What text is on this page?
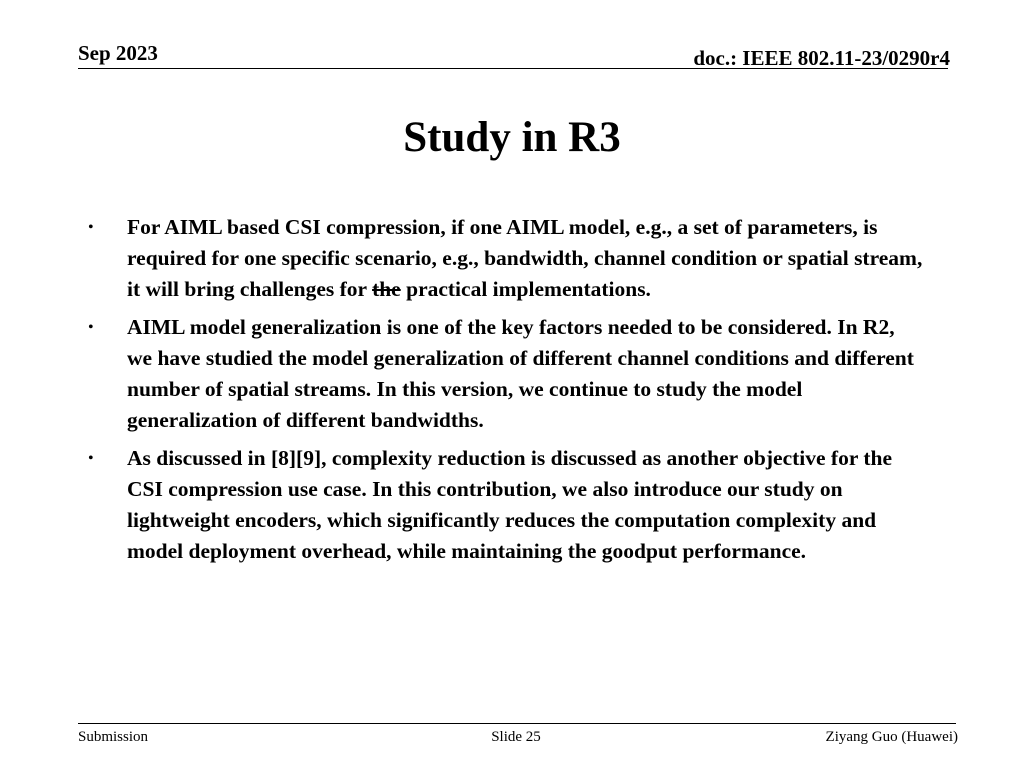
Sep 2023	doc.: IEEE 802.11-23/0290r4
Study in R3
• For AIML based CSI compression, if one AIML model, e.g., a set of parameters, is required for one specific scenario, e.g., bandwidth, channel condition or spatial stream, it will bring challenges for the practical implementations.
• AIML model generalization is one of the key factors needed to be considered. In R2, we have studied the model generalization of different channel conditions and different number of spatial streams. In this version, we continue to study the model generalization of different bandwidths.
• As discussed in [8][9], complexity reduction is discussed as another objective for the CSI compression use case. In this contribution, we also introduce our study on lightweight encoders, which significantly reduces the computation complexity and model deployment overhead, while maintaining the goodput performance.
Submission	Slide 25	Ziyang Guo (Huawei)
